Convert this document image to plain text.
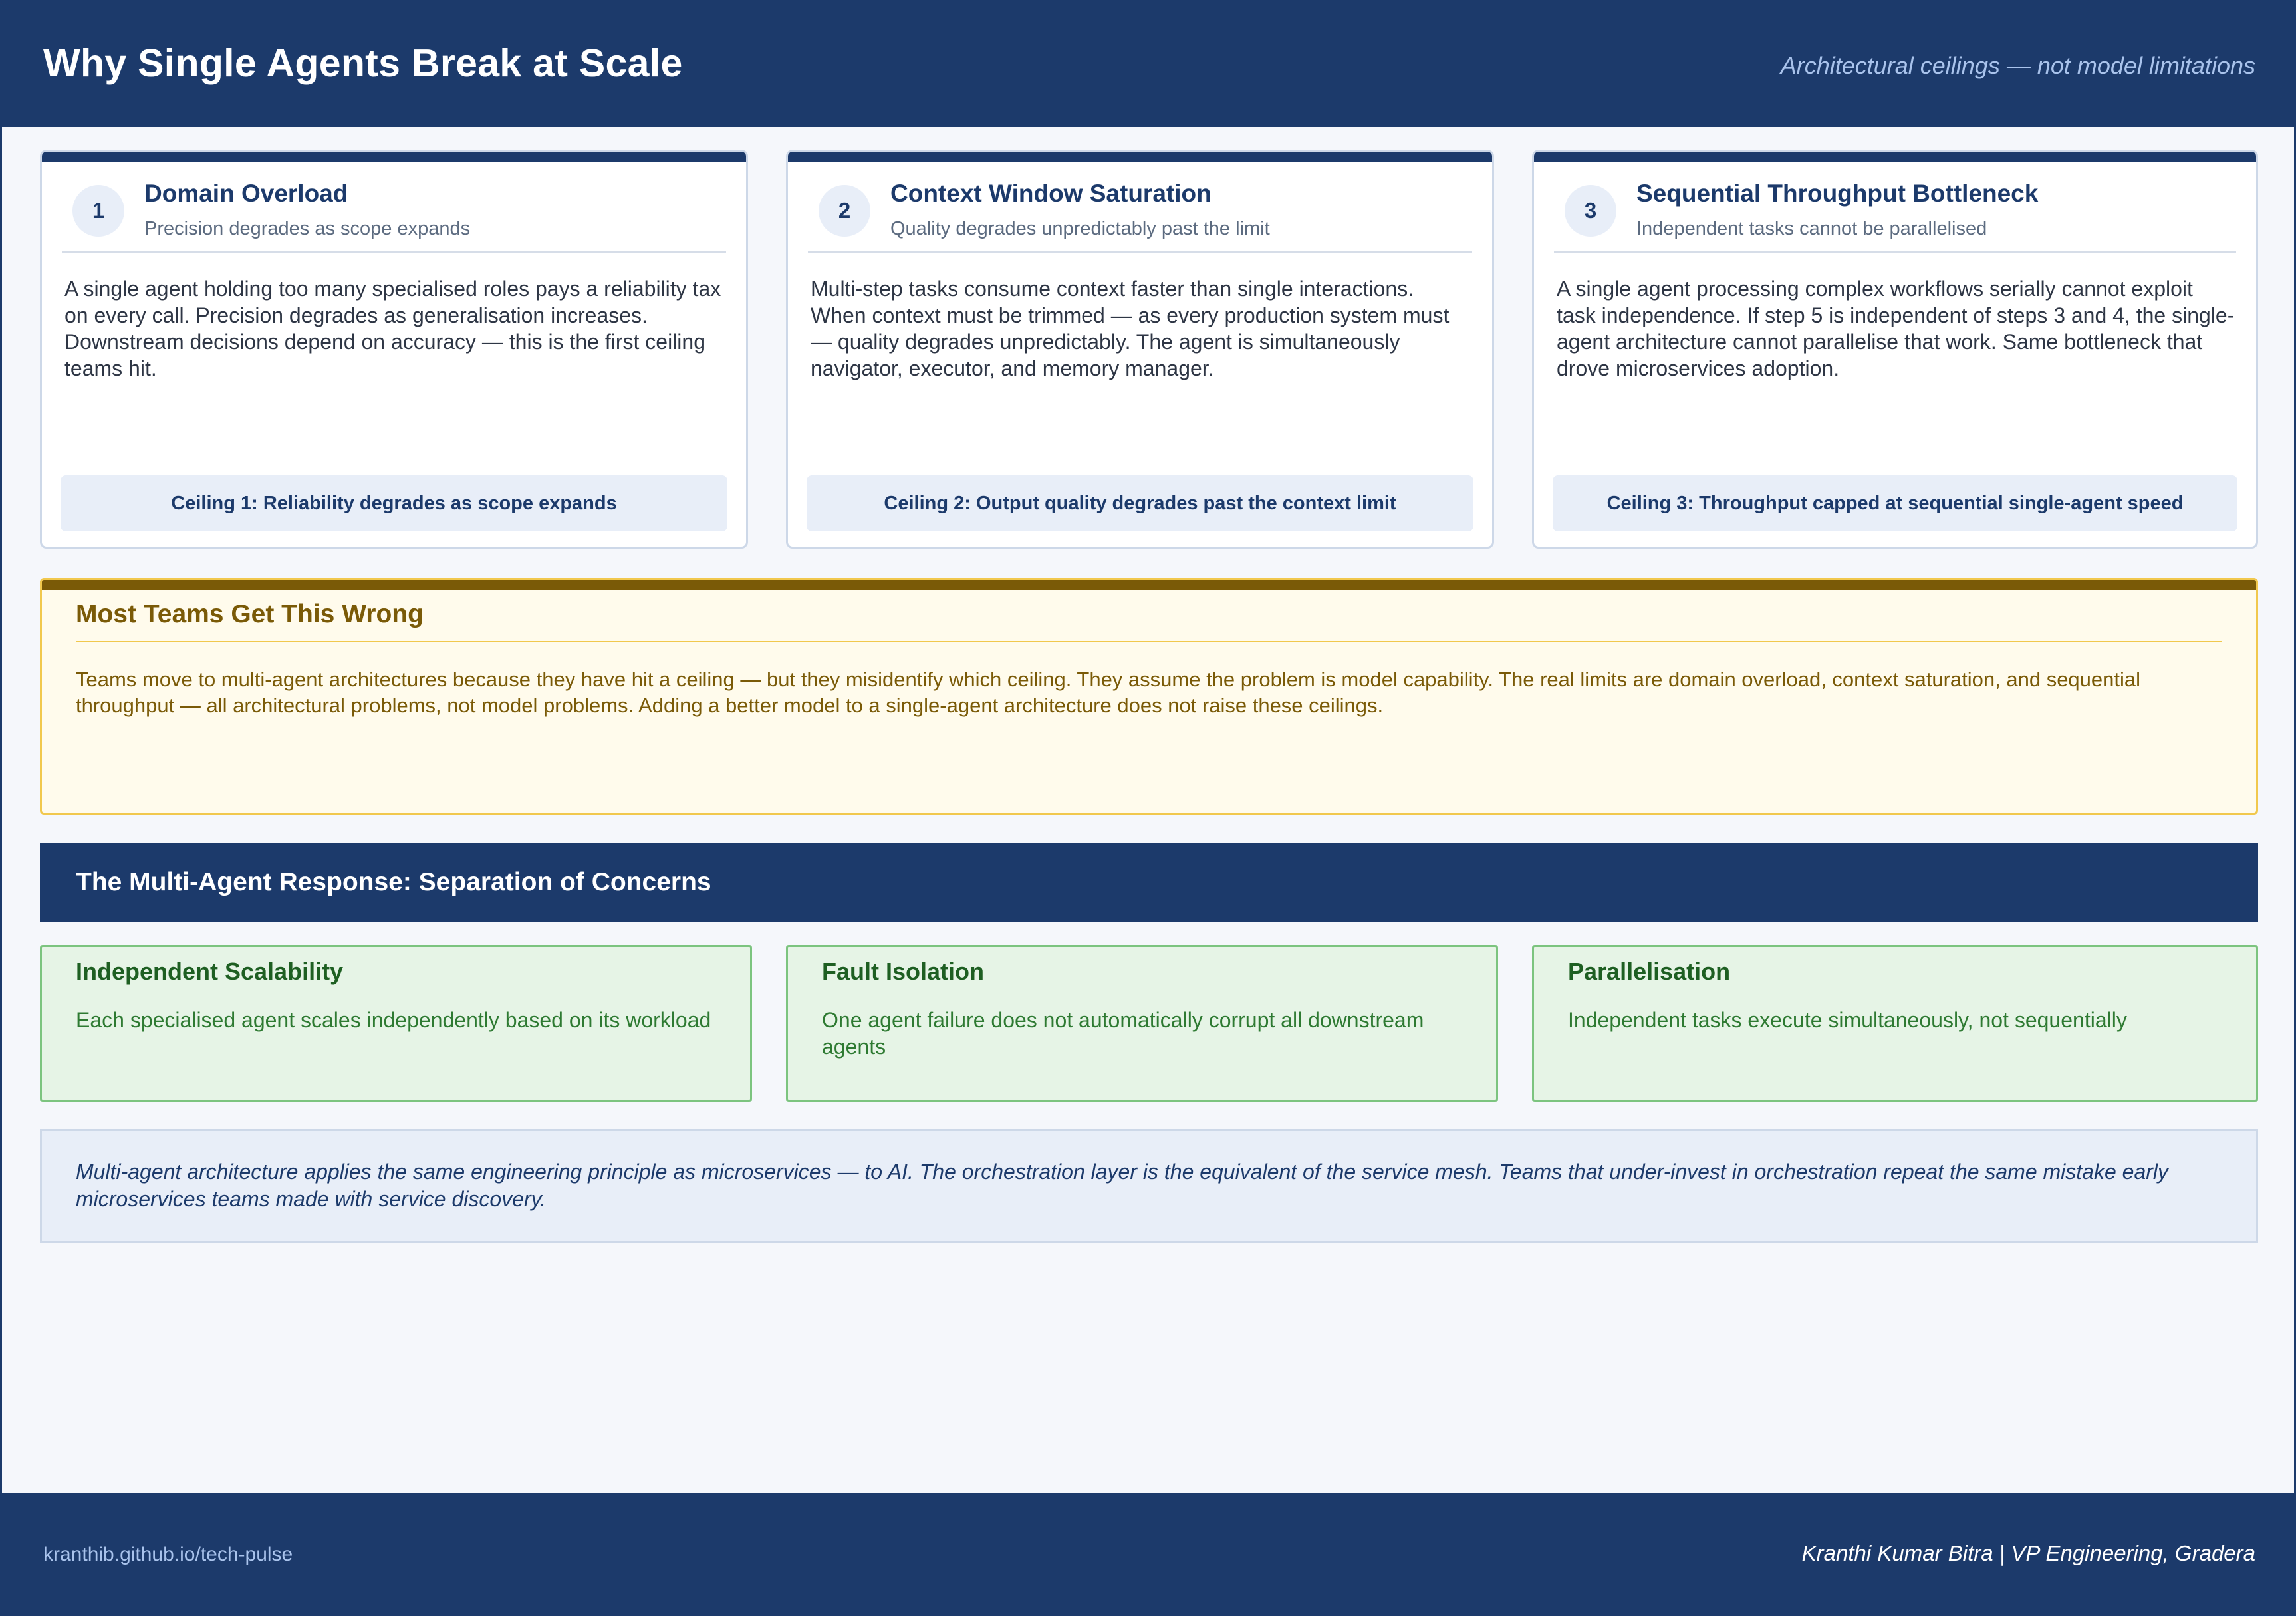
Why Single Agents Break at Scale	Architectural ceilings — not model limitations
1
Domain Overload
Precision degrades as scope expands
A single agent holding too many specialised roles pays a reliability tax on every call. Precision degrades as generalisation increases. Downstream decisions depend on accuracy — this is the first ceiling teams hit.
Ceiling 1: Reliability degrades as scope expands
2
Context Window Saturation
Quality degrades unpredictably past the limit
Multi-step tasks consume context faster than single interactions. When context must be trimmed — as every production system must — quality degrades unpredictably. The agent is simultaneously navigator, executor, and memory manager.
Ceiling 2: Output quality degrades past the context limit
3
Sequential Throughput Bottleneck
Independent tasks cannot be parallelised
A single agent processing complex workflows serially cannot exploit task independence. If step 5 is independent of steps 3 and 4, the single-agent architecture cannot parallelise that work. Same bottleneck that drove microservices adoption.
Ceiling 3: Throughput capped at sequential single-agent speed
Most Teams Get This Wrong
Teams move to multi-agent architectures because they have hit a ceiling — but they misidentify which ceiling. They assume the problem is model capability. The real limits are domain overload, context saturation, and sequential throughput — all architectural problems, not model problems. Adding a better model to a single-agent architecture does not raise these ceilings.
The Multi-Agent Response: Separation of Concerns
Independent Scalability
Each specialised agent scales independently based on its workload
Fault Isolation
One agent failure does not automatically corrupt all downstream agents
Parallelisation
Independent tasks execute simultaneously, not sequentially
Multi-agent architecture applies the same engineering principle as microservices — to AI. The orchestration layer is the equivalent of the service mesh. Teams that under-invest in orchestration repeat the same mistake early microservices teams made with service discovery.
kranthib.github.io/tech-pulse	Kranthi Kumar Bitra | VP Engineering, Gradera
